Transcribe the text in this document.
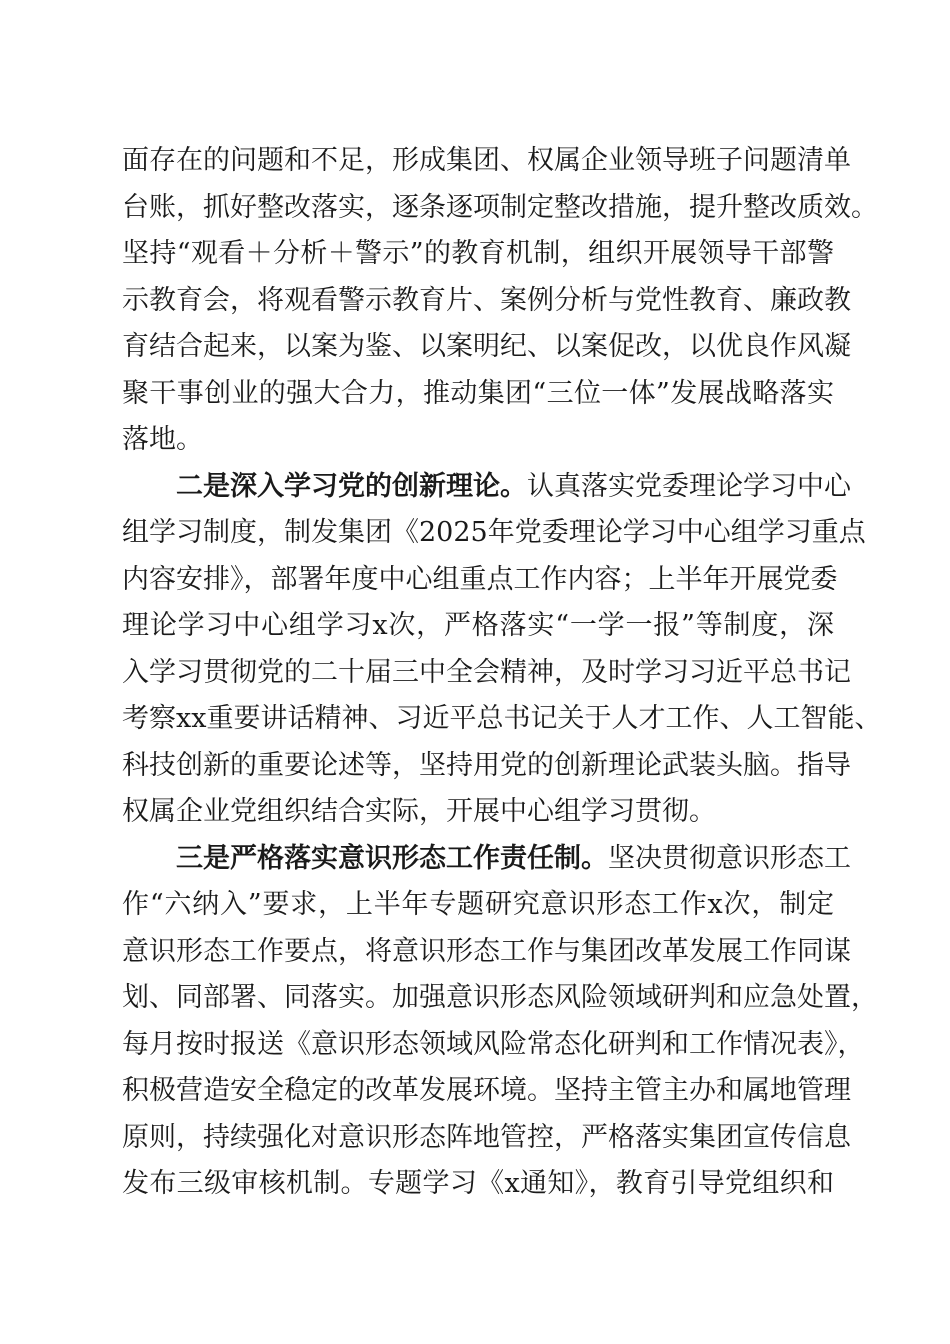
面存在的问题和不足，形成集团、权属企业领导班子问题清单
台账，抓好整改落实，逐条逐项制定整改措施，提升整改质效。
坚持“观看＋分析＋警示”的教育机制，组织开展领导干部警
示教育会，将观看警示教育片、案例分析与党性教育、廉政教
育结合起来，以案为鉴、以案明纪、以案促改，以优良作风凝
聚干事创业的强大合力，推动集团“三位一体”发展战略落实
落地。
二是深入学习党的创新理论。认真落实党委理论学习中心
组学习制度，制发集团《2025年党委理论学习中心组学习重点
内容安排》，部署年度中心组重点工作内容；上半年开展党委
理论学习中心组学习x次，严格落实“一学一报”等制度，深
入学习贯彻党的二十届三中全会精神，及时学习习近平总书记
考察xx重要讲话精神、习近平总书记关于人才工作、人工智能、
科技创新的重要论述等，坚持用党的创新理论武装头脑。指导
权属企业党组织结合实际，开展中心组学习贯彻。
三是严格落实意识形态工作责任制。坚决贯彻意识形态工
作“六纳入”要求，上半年专题研究意识形态工作x次，制定
意识形态工作要点，将意识形态工作与集团改革发展工作同谋
划、同部署、同落实。加强意识形态风险领域研判和应急处置，
每月按时报送《意识形态领域风险常态化研判和工作情况表》，
积极营造安全稳定的改革发展环境。坚持主管主办和属地管理
原则，持续强化对意识形态阵地管控，严格落实集团宣传信息
发布三级审核机制。专题学习《x通知》，教育引导党组织和
